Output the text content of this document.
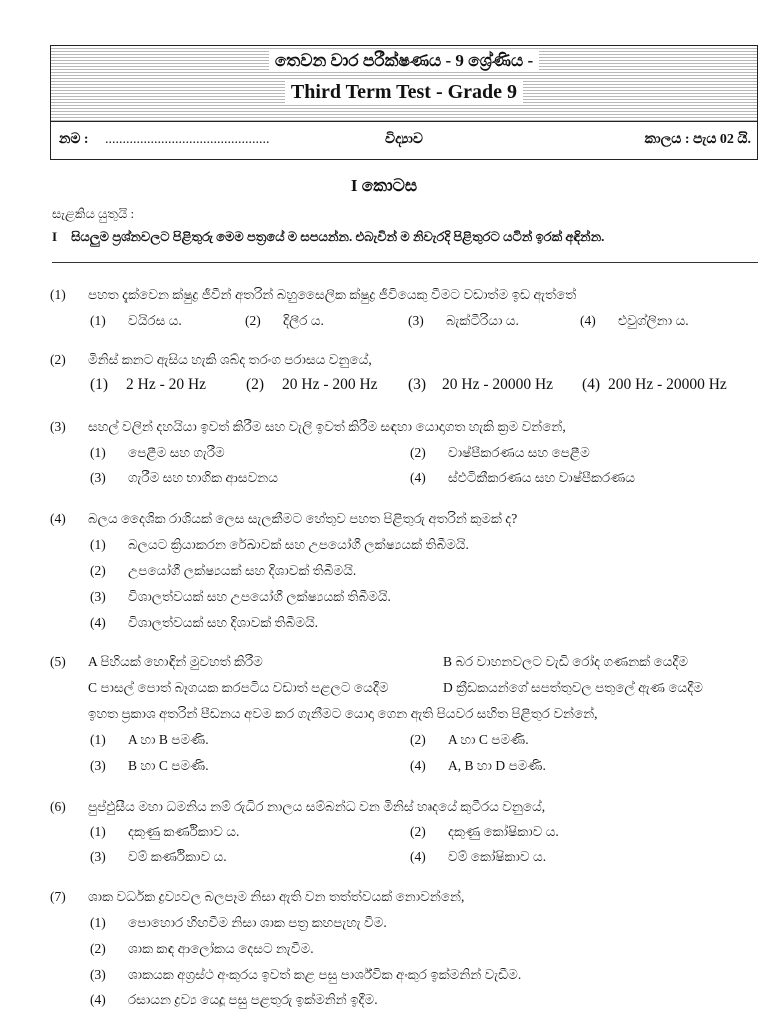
තෙවන වාර පරීක්ෂණය - 9 ශ්‍රේණිය -
Third Term Test - Grade 9
නම : ...............................................	විද්‍යාව	කාලය : පැය 02 යි.
I කොටස
සැළකිය යුතුයි :
I සියලුම ප්‍රශ්නවලට පිළිතුරු මෙම පත්‍රයේ ම සපයන්න. එබැවින් ම නිවැරදි පිළිතුරට යටින් ඉරක් අඳින්න.
(1) පහත දැක්වෙන ක්ෂුද්‍ර ජීවීන් අතරින් බහුසෛලික ක්ෂුද්‍ර ජීවියෙකු වීමට වඩාත්ම ඉඩ ඇත්තේ
(1) වයිරස ය.	(2) දිලීර ය.	(3) බැක්ටීරියා ය.	(4) එවුග්ලිනා ය.
(2) මිනිස් කනට ඇසිය හැකි ශබ්ද තරංග පරාසය වනුයේ,
(1) 2 Hz - 20 Hz	(2) 20 Hz - 200 Hz (3) 20 Hz - 20000 Hz (4) 200 Hz - 20000 Hz
(3) සහල් වලින් දහයියා ඉවත් කිරීම සහ වැලි ඉවත් කිරීම සඳහා යොදාගත හැකි ක්‍රම වන්නේ,
(1) පෙළීම සහ ගැරීම	(2) වාෂ්පීකරණය සහ පෙළීම
(3) ගැරීම සහ භාගික ආසවනය	(4) ස්ඵටිකීකරණය සහ වාෂ්පීකරණය
(4) බලය දෛශික රාශියක් ලෙස සැලකීමට හේතුව පහත පිළිතුරු අතරින් කුමක් ද?
(1) බලයට ක්‍රියාකරන රේඛාවක් සහ උපයෝගී ලක්ෂ්‍යයක් තිබීමයි.
(2) උපයෝගී ලක්ෂ්‍යයක් සහ දිශාවක් තිබීමයි.
(3) විශාලත්වයක් සහ උපයෝගී ලක්ෂ්‍යයක් තිබීමයි.
(4) විශාලත්වයක් සහ දිශාවක් තිබීමයි.
(5) A පිහියක් හොඳින් මුවහත් කිරීම	B බර වාහනවලට වැඩි රෝද ගණනක් යෙදීම
C පාසල් පොත් බෑගයක කරපටිය වඩාත් පළලට යෙදීම	D ක්‍රීඩකයන්ගේ සපත්තුවල පතුලේ ඇණ යෙදීම
ඉහත ප්‍රකාශ අතරින් පීඩනය අවම කර ගැනීමට යොදා ගෙන ඇති පියවර සහිත පිළිතුර වන්නේ,
(1) A හා B පමණි.	(2) A හා C පමණි.
(3) B හා C පමණි.	(4) A, B හා D පමණි.
(6) පුප්ඵුසීය මහා ධමනිය නම් රුධිර නාලය සම්බන්ධ වන මිනිස් හෘදයේ කුටීරය වනුයේ,
(1) දකුණු කර්ණිකාව ය.	(2) දකුණු කෝෂිකාව ය.
(3) වම් කර්ණිකාව ය.	(4) වම් කෝෂිකාව ය.
(7) ශාක වර්ධක ද්‍රව්‍යවල බලපෑම නිසා ඇති වන තත්ත්වයක් නොවන්නේ,
(1) පොහොර හිඟවීම නිසා ශාක පත්‍ර කහපැහැ වීම.
(2) ශාක කඳ ආලෝකය දෙසට නැවීම.
(3) ශාකයක අග්‍රස්ථ අංකුරය ඉවත් කළ පසු පාර්ශ්වික අංකුර ඉක්මනින් වැඩීම.
(4) රසායන ද්‍රව්‍ය යෙදූ පසු පළතුරු ඉක්මනින් ඉදීම.
